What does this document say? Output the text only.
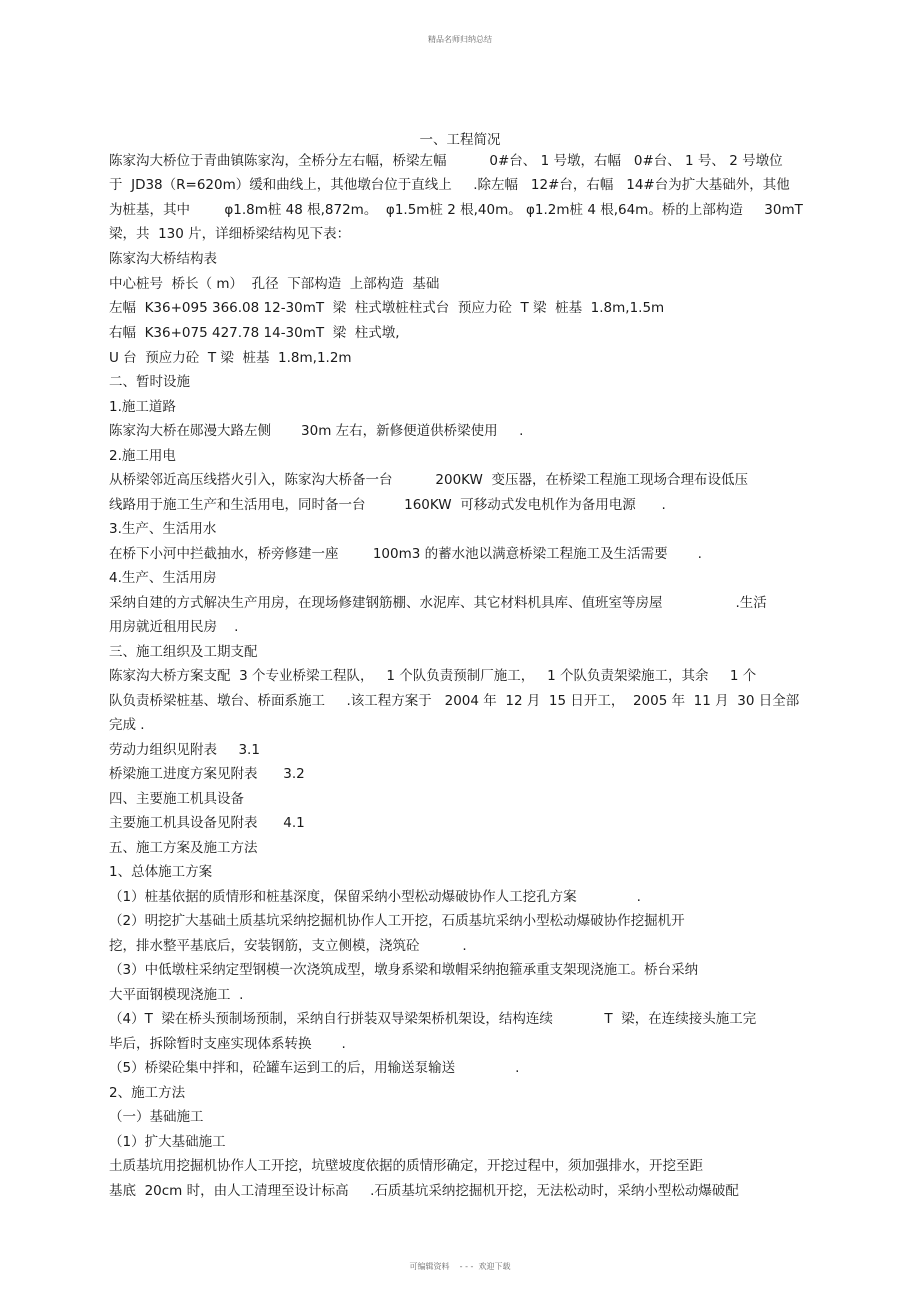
精品名师归纳总结
一、工程简况
陈家沟大桥位于青曲镇陈家沟，全桥分左右幅，桥梁左幅          0#台、 1 号墩，右幅   0#台、 1 号、 2 号墩位
于  JD38（R=620m）缓和曲线上，其他墩台位于直线上     .除左幅   12#台，右幅   14#台为扩大基础外，其他
为桩基，其中        φ1.8m桩 48 根,872m。  φ1.5m桩 2 根,40m。 φ1.2m桩 4 根,64m。桥的上部构造     30mT
梁，共  130 片，详细桥梁结构见下表：
陈家沟大桥结构表
中心桩号  桥长（ m）  孔径  下部构造  上部构造  基础
左幅  K36+095 366.08 12-30mT  梁  柱式墩桩柱式台  预应力砼  T 梁  桩基  1.8m,1.5m
右幅  K36+075 427.78 14-30mT  梁  柱式墩,
U 台  预应力砼  T 梁  桩基  1.8m,1.2m
二、暂时设施
1.施工道路
陈家沟大桥在郧漫大路左侧       30m 左右，新修便道供桥梁使用     .
2.施工用电
从桥梁邻近高压线搭火引入，陈家沟大桥备一台          200KW  变压器，在桥梁工程施工现场合理布设低压
线路用于施工生产和生活用电，同时备一台         160KW  可移动式发电机作为备用电源      .
3.生产、生活用水
在桥下小河中拦截抽水，桥旁修建一座        100m3 的蓄水池以满意桥梁工程施工及生活需要       .
4.生产、生活用房
采纳自建的方式解决生产用房，在现场修建钢筋棚、水泥库、其它材料机具库、值班室等房屋                 .生活
用房就近租用民房    .
三、施工组织及工期支配
陈家沟大桥方案支配  3 个专业桥梁工程队，   1 个队负责预制厂施工，   1 个队负责架梁施工，其余     1 个
队负责桥梁桩基、墩台、桥面系施工     .该工程方案于   2004 年  12 月  15 日开工，  2005 年  11 月  30 日全部
完成 .
劳动力组织见附表     3.1
桥梁施工进度方案见附表      3.2
四、主要施工机具设备
主要施工机具设备见附表      4.1
五、施工方案及施工方法
1、总体施工方案
（1）桩基依据的质情形和桩基深度，保留采纳小型松动爆破协作人工挖孔方案              .
（2）明挖扩大基础土质基坑采纳挖掘机协作人工开挖，石质基坑采纳小型松动爆破协作挖掘机开
挖，排水整平基底后，安装钢筋，支立侧模，浇筑砼          .
（3）中低墩柱采纳定型钢模一次浇筑成型，墩身系梁和墩帽采纳抱箍承重支架现浇施工。桥台采纳
大平面钢模现浇施工  .
（4）T  梁在桥头预制场预制，采纳自行拼装双导梁架桥机架设，结构连续            T  梁，在连续接头施工完
毕后，拆除暂时支座实现体系转换       .
（5）桥梁砼集中拌和，砼罐车运到工的后，用输送泵输送              .
2、施工方法
（一）基础施工
（1）扩大基础施工
土质基坑用挖掘机协作人工开挖，坑壁坡度依据的质情形确定，开挖过程中，须加强排水，开挖至距
基底  20cm 时，由人工清理至设计标高     .石质基坑采纳挖掘机开挖，无法松动时，采纳小型松动爆破配
可编辑资料    - - -  欢迎下载
